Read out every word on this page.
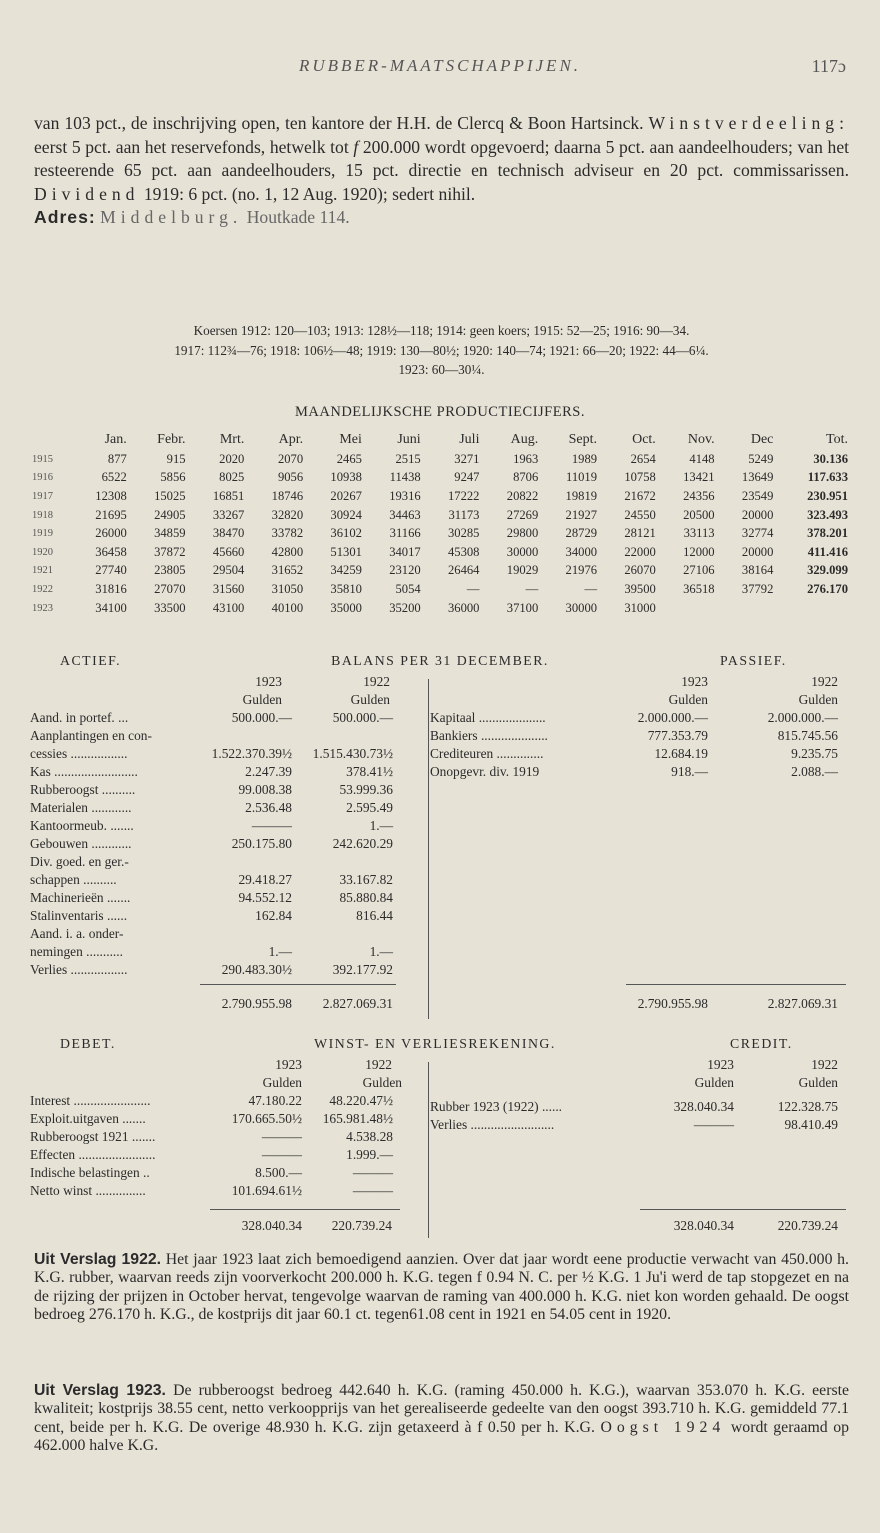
RUBBER-MAATSCHAPPIJEN.	117ɔ

van 103 pct., de inschrijving open, ten kantore der H.H. de Clercq & Boon Hartsinck. Winstverdeeling: eerst 5 pct. aan het reservefonds, hetwelk tot f 200.000 wordt opgevoerd; daarna 5 pct. aan aandeelhouders; van het resteerende 65 pct. aan aandeelhouders, 15 pct. directie en technisch adviseur en 20 pct. commissarissen. Dividend 1919: 6 pct. (no. 1, 12 Aug. 1920); sedert nihil.

Adres: Middelburg. Houtkade 114.

Koersen 1912: 120—103; 1913: 128½—118; 1914: geen koers; 1915: 52—25; 1916: 90—34.

1917: 112¾—76; 1918: 106½—48; 1919: 130—80½; 1920: 140—74; 1921: 66—20; 1922: 44—6¼.

1923: 60—30¼.

MAANDELIJKSCHE PRODUCTIECIJFERS.
	Jan.	Febr.	Mrt.	Apr.	Mei	Juni	Juli	Aug.	Sept.	Oct.	Nov.	Dec	Tot.
1915	877	915	2020	2070	2465	2515	3271	1963	1989	2654	4148	5249	30.136
1916	6522	5856	8025	9056	10938	11438	9247	8706	11019	10758	13421	13649	117.633
1917	12308	15025	16851	18746	20267	19316	17222	20822	19819	21672	24356	23549	230.951
1918	21695	24905	33267	32820	30924	34463	31173	27269	21927	24550	20500	20000	323.493
1919	26000	34859	38470	33782	36102	31166	30285	29800	28729	28121	33113	32774	378.201
1920	36458	37872	45660	42800	51301	34017	45308	30000	34000	22000	12000	20000	411.416
1921	27740	23805	29504	31652	34259	23120	26464	19029	21976	26070	27106	38164	329.099
1922	31816	27070	31560	31050	35810	5054	—	—	—	39500	36518	37792	276.170
1923	34100	33500	43100	40100	35000	35200	36000	37100	30000	31000			
ACTIEF.	BALANS PER 31 DECEMBER.	PASSIEF.
1923	1922	1923	1922
Gulden	Gulden	Gulden	Gulden
Aand. in portef. ...	500.000.—	500.000.—
Aanplantingen en con-
cessies .................	1.522.370.39½	1.515.430.73½
Kas .........................	2.247.39	378.41½
Rubberoogst ..........	99.008.38	53.999.36
Materialen ............	2.536.48	2.595.49
Kantoormeub. .......	———	1.—
Gebouwen ............	250.175.80	242.620.29
Div. goed. en ger.-
schappen ..........	29.418.27	33.167.82
Machinerieën .......	94.552.12	85.880.84
Stalinventaris ......	162.84	816.44
Aand. i. a. onder-
nemingen ...........	1.—	1.—
Verlies .................	290.483.30½	392.177.92
Kapitaal ....................	2.000.000.—	2.000.000.—
Bankiers ....................	777.353.79	815.745.56
Crediteuren ..............	12.684.19	9.235.75
Onopgevr. div. 1919	918.—	2.088.—
2.790.955.98	2.827.069.31	2.790.955.98	2.827.069.31
DEBET.	WINST- EN VERLIESREKENING.	CREDIT.
1923	1922	1923	1922
Gulden	Gulden	Gulden	Gulden
Interest .......................	47.180.22	48.220.47½
Exploit.uitgaven .......	170.665.50½	165.981.48½
Rubberoogst 1921 .......	———	4.538.28
Effecten .......................	———	1.999.—
Indische belastingen ..	8.500.—	———
Netto winst ...............	101.694.61½	———
Rubber 1923 (1922) ......	328.040.34	122.328.75
Verlies .........................	———	98.410.49
328.040.34	220.739.24	328.040.34	220.739.24

Uit Verslag 1922. Het jaar 1923 laat zich bemoedigend aanzien. Over dat jaar wordt eene productie verwacht van 450.000 h. K.G. rubber, waarvan reeds zijn voorverkocht 200.000 h. K.G. tegen f 0.94 N. C. per ½ K.G. 1 Ju'i werd de tap stopgezet en na de rijzing der prijzen in October hervat, tengevolge waarvan de raming van 400.000 h. K.G. niet kon worden gehaald. De oogst bedroeg 276.170 h. K.G., de kostprijs dit jaar 60.1 ct. tegen61.08 cent in 1921 en 54.05 cent in 1920.

Uit Verslag 1923. De rubberoogst bedroeg 442.640 h. K.G. (raming 450.000 h. K.G.), waarvan 353.070 h. K.G. eerste kwaliteit; kostprijs 38.55 cent, netto verkoopprijs van het gerealiseerde gedeelte van den oogst 393.710 h. K.G. gemiddeld 77.1 cent, beide per h. K.G. De overige 48.930 h. K.G. zijn getaxeerd à f 0.50 per h. K.G. Oogst 1924 wordt geraamd op 462.000 halve K.G.
